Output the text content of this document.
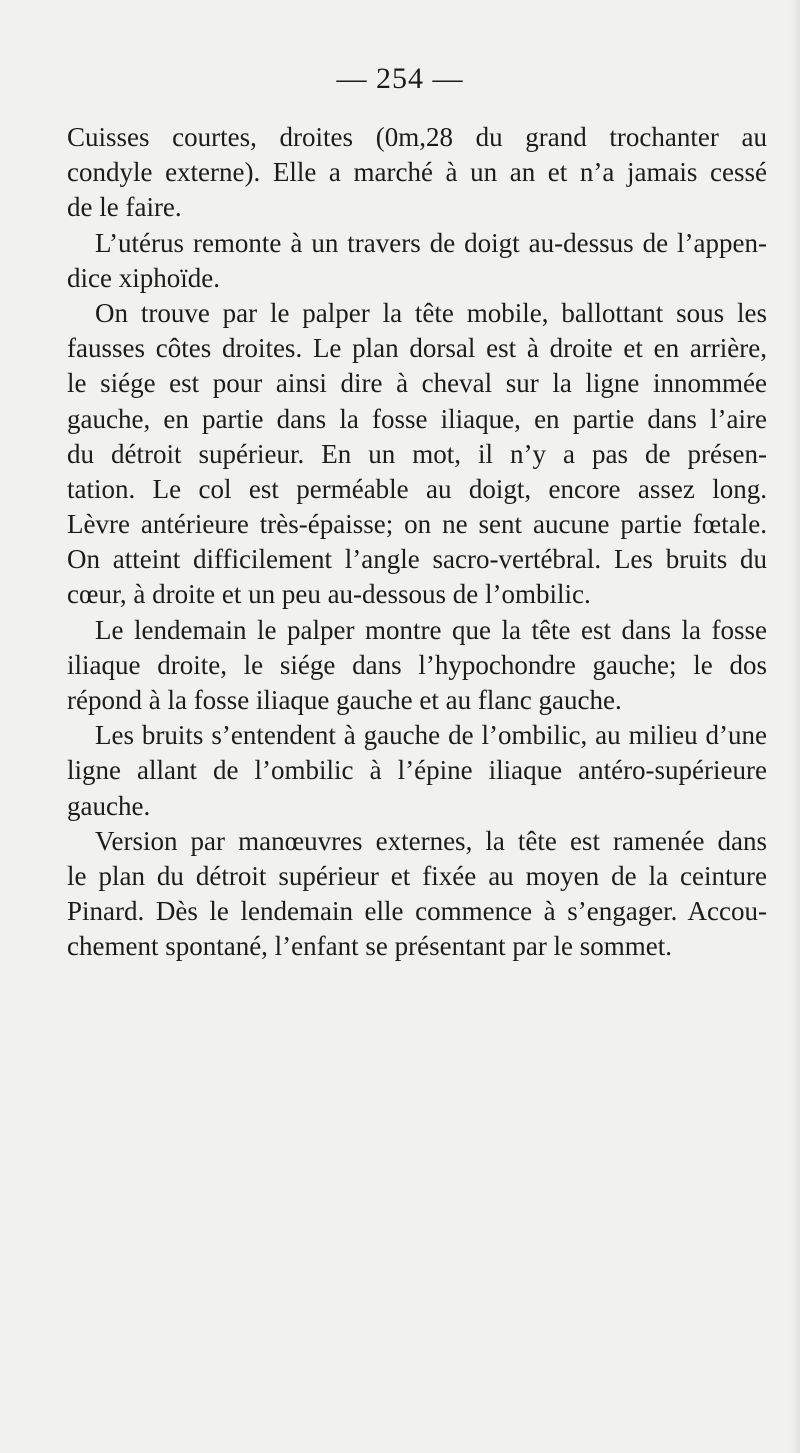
— 254 —
Cuisses courtes, droites (0m,28 du grand trochanter au
condyle externe). Elle a marché à un an et n’a jamais cessé
de le faire.
L’utérus remonte à un travers de doigt au-dessus de l’appen-
dice xiphoïde.
On trouve par le palper la tête mobile, ballottant sous les
fausses côtes droites. Le plan dorsal est à droite et en arrière,
le siége est pour ainsi dire à cheval sur la ligne innommée
gauche, en partie dans la fosse iliaque, en partie dans l’aire
du détroit supérieur. En un mot, il n’y a pas de présen-
tation. Le col est perméable au doigt, encore assez long.
Lèvre antérieure très-épaisse; on ne sent aucune partie fœtale.
On atteint difficilement l’angle sacro-vertébral. Les bruits du
cœur, à droite et un peu au-dessous de l’ombilic.
Le lendemain le palper montre que la tête est dans la fosse
iliaque droite, le siége dans l’hypochondre gauche; le dos
répond à la fosse iliaque gauche et au flanc gauche.
Les bruits s’entendent à gauche de l’ombilic, au milieu d’une
ligne allant de l’ombilic à l’épine iliaque antéro-supérieure
gauche.
Version par manœuvres externes, la tête est ramenée dans
le plan du détroit supérieur et fixée au moyen de la ceinture
Pinard. Dès le lendemain elle commence à s’engager. Accou-
chement spontané, l’enfant se présentant par le sommet.
